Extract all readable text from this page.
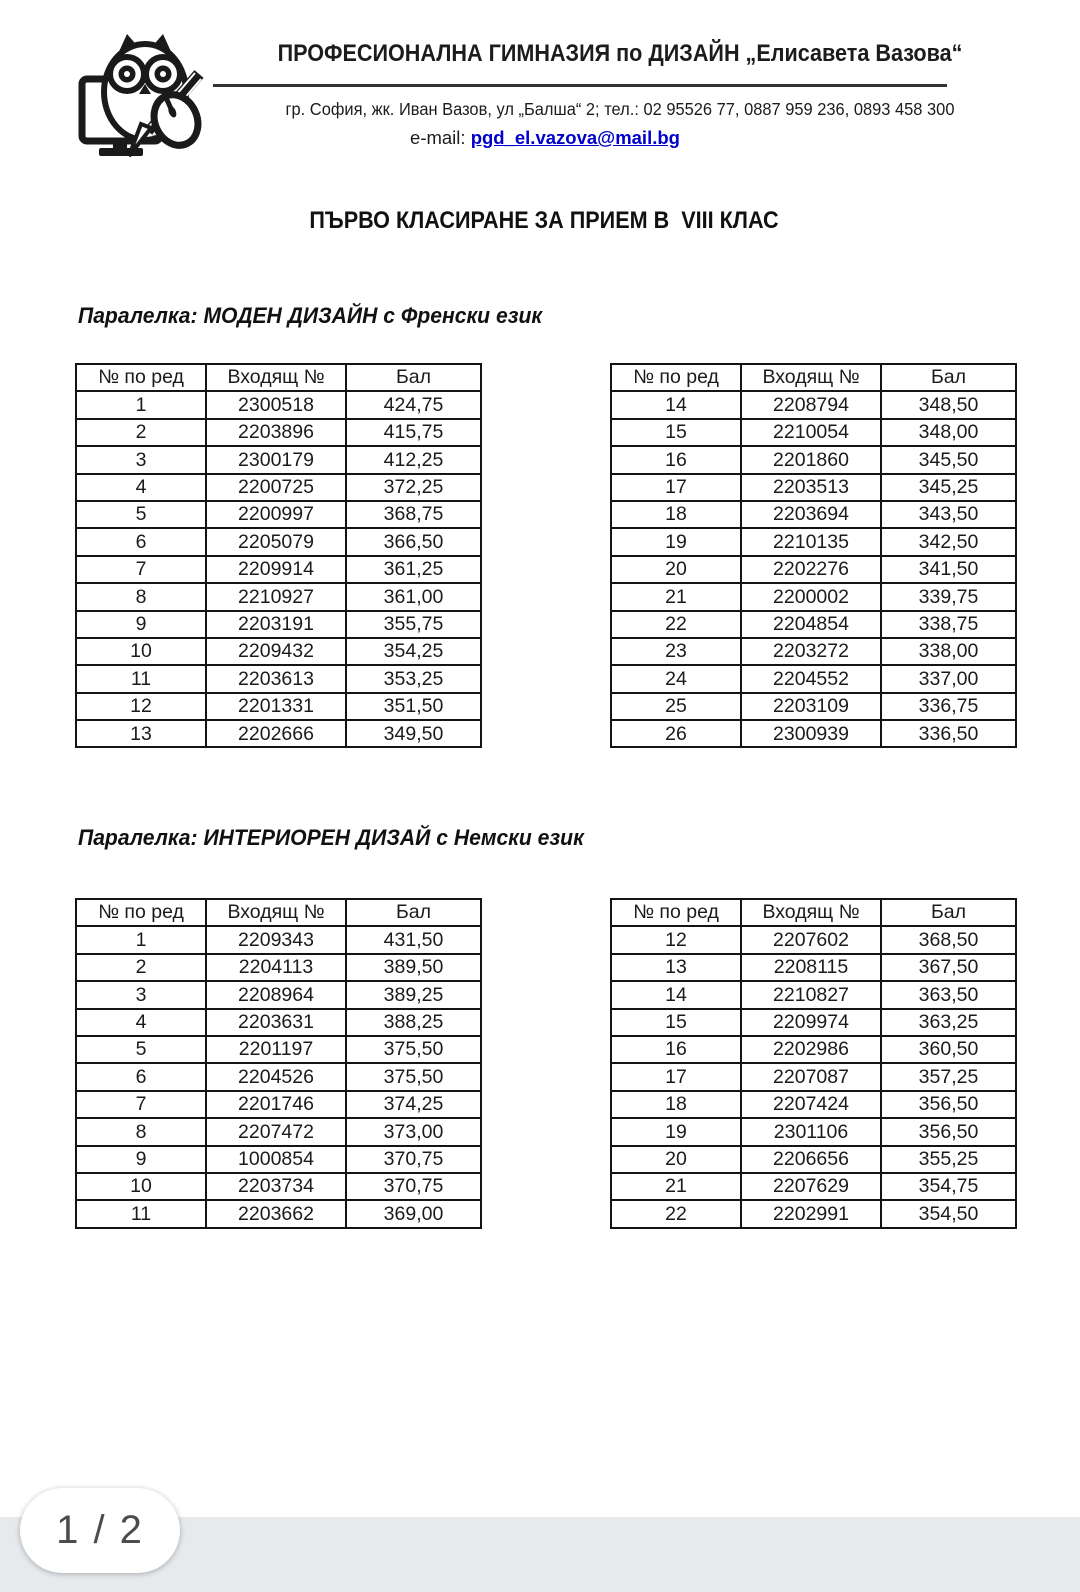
ПРОФЕСИОНАЛНА ГИМНАЗИЯ по ДИЗАЙН „Елисавета Вазова“
гр. София, жк. Иван Вазов, ул „Балша“ 2; тел.: 02 95526 77, 0887 959 236, 0893 458 300
e-mail: pgd_el.vazova@mail.bg
ПЪРВО КЛАСИРАНЕ ЗА ПРИЕМ В  VIII КЛАС
Паралелка: МОДЕН ДИЗАЙН с Френски език
№ по ред	Входящ №	Бал
1	2300518	424,75
2	2203896	415,75
3	2300179	412,25
4	2200725	372,25
5	2200997	368,75
6	2205079	366,50
7	2209914	361,25
8	2210927	361,00
9	2203191	355,75
10	2209432	354,25
11	2203613	353,25
12	2201331	351,50
13	2202666	349,50
№ по ред	Входящ №	Бал
14	2208794	348,50
15	2210054	348,00
16	2201860	345,50
17	2203513	345,25
18	2203694	343,50
19	2210135	342,50
20	2202276	341,50
21	2200002	339,75
22	2204854	338,75
23	2203272	338,00
24	2204552	337,00
25	2203109	336,75
26	2300939	336,50
Паралелка: ИНТЕРИОРЕН ДИЗАЙ с Немски език
№ по ред	Входящ №	Бал
1	2209343	431,50
2	2204113	389,50
3	2208964	389,25
4	2203631	388,25
5	2201197	375,50
6	2204526	375,50
7	2201746	374,25
8	2207472	373,00
9	1000854	370,75
10	2203734	370,75
11	2203662	369,00
№ по ред	Входящ №	Бал
12	2207602	368,50
13	2208115	367,50
14	2210827	363,50
15	2209974	363,25
16	2202986	360,50
17	2207087	357,25
18	2207424	356,50
19	2301106	356,50
20	2206656	355,25
21	2207629	354,75
22	2202991	354,50
1 / 2
